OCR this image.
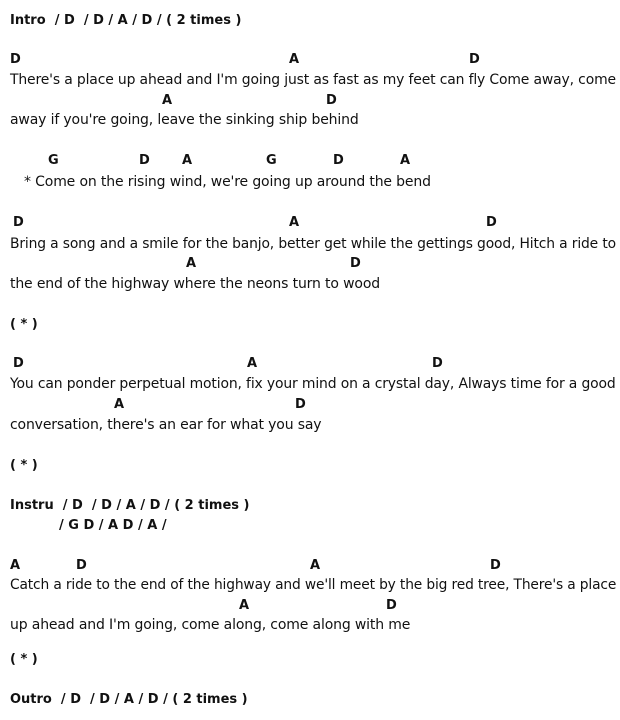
Intro  / D  / D / A / D / ( 2 times )
D	A	D
There's a place up ahead and I'm going just as fast as my feet can fly Come away, come
A	D
away if you're going, leave the sinking ship behind
G	D A	G	D	A
* Come on the rising wind, we're going up around the bend
D	A	D
Bring a song and a smile for the banjo, better get while the gettings good, Hitch a ride to
A	D
the end of the highway where the neons turn to wood
( * )
D	A	D
You can ponder perpetual motion, fix your mind on a crystal day, Always time for a good
A	D
conversation, there's an ear for what you say
( * )
Instru  / D  / D / A / D / ( 2 times )
/ G D / A D / A /
A	D	A	D
Catch a ride to the end of the highway and we'll meet by the big red tree, There's a place
A	D
up ahead and I'm going, come along, come along with me
( * )
Outro  / D  / D / A / D / ( 2 times )
